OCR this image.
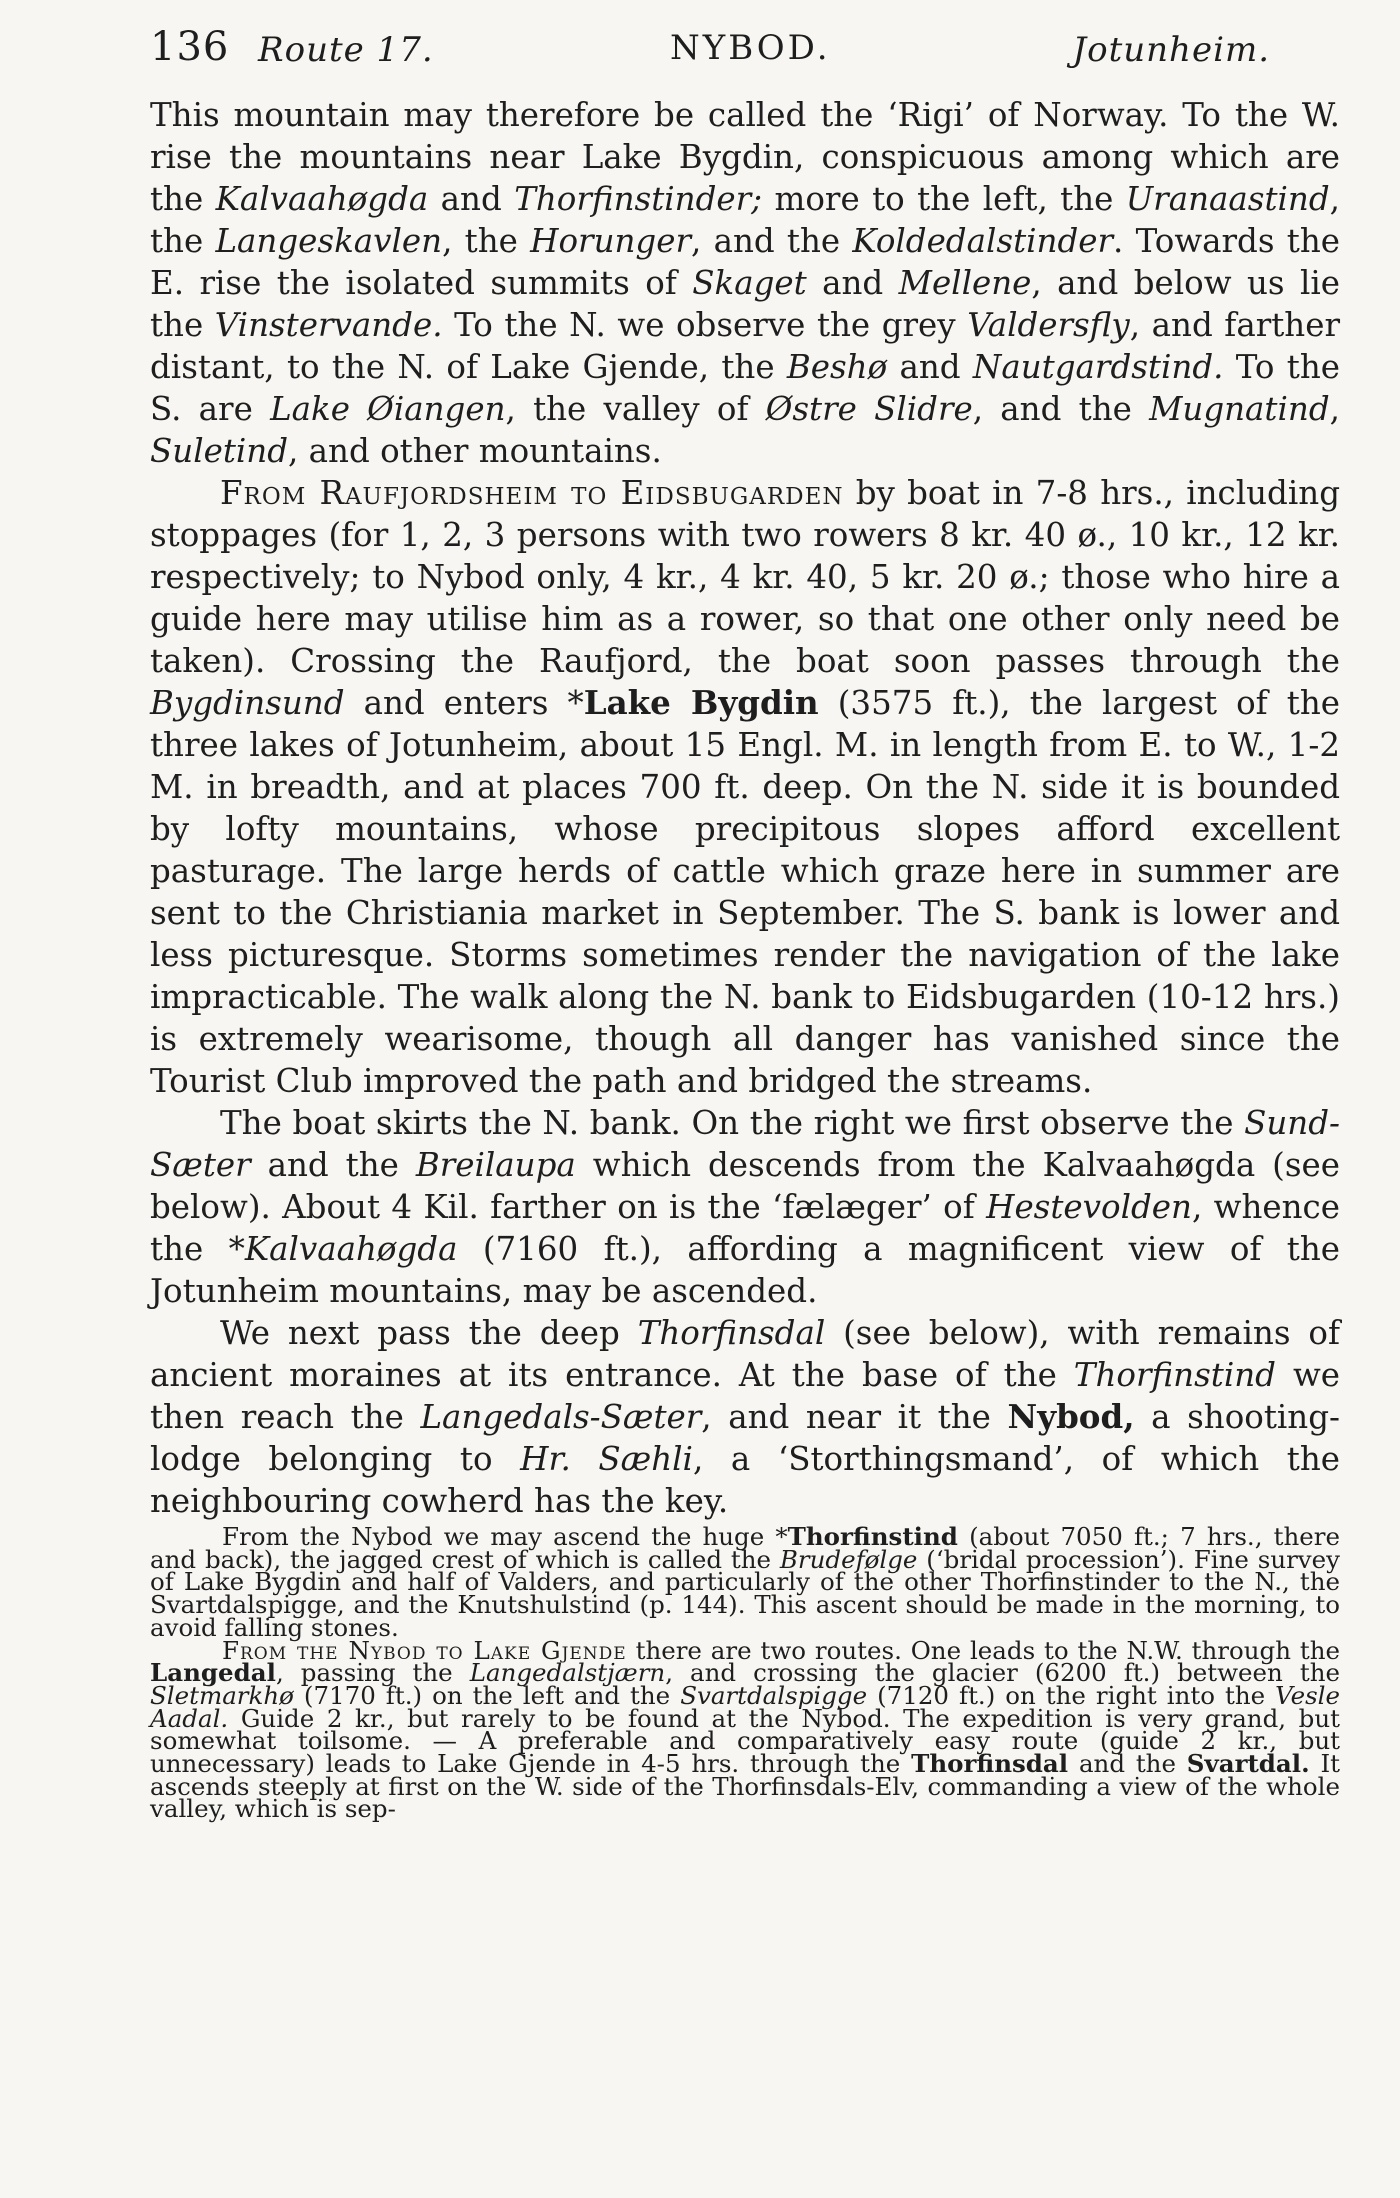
136 Route 17.	NYBOD.	Jotunheim.

This mountain may therefore be called the ‘Rigi’ of Norway. To the W. rise the mountains near Lake Bygdin, conspicuous among which are the Kalvaahøgda and Thorfinstinder; more to the left, the Uranaastind, the Langeskavlen, the Horunger, and the Koldedalstinder. Towards the E. rise the isolated summits of Skaget and Mellene, and below us lie the Vinstervande. To the N. we observe the grey Valdersfly, and farther distant, to the N. of Lake Gjende, the Beshø and Nautgardstind. To the S. are Lake Øiangen, the valley of Østre Slidre, and the Mugnatind, Suletind, and other mountains.

From Raufjordsheim to Eidsbugarden by boat in 7-8 hrs., including stoppages (for 1, 2, 3 persons with two rowers 8 kr. 40 ø., 10 kr., 12 kr. respectively; to Nybod only, 4 kr., 4 kr. 40, 5 kr. 20 ø.; those who hire a guide here may utilise him as a rower, so that one other only need be taken). Crossing the Raufjord, the boat soon passes through the Bygdinsund and enters *Lake Bygdin (3575 ft.), the largest of the three lakes of Jotunheim, about 15 Engl. M. in length from E. to W., 1-2 M. in breadth, and at places 700 ft. deep. On the N. side it is bounded by lofty mountains, whose precipitous slopes afford excellent pasturage. The large herds of cattle which graze here in summer are sent to the Christiania market in September. The S. bank is lower and less picturesque. Storms sometimes render the navigation of the lake impracticable. The walk along the N. bank to Eidsbugarden (10-12 hrs.) is extremely wearisome, though all danger has vanished since the Tourist Club improved the path and bridged the streams.

The boat skirts the N. bank. On the right we first observe the Sund-Sæter and the Breilaupa which descends from the Kalvaahøgda (see below). About 4 Kil. farther on is the ‘fælæger’ of Hestevolden, whence the *Kalvaahøgda (7160 ft.), affording a magnificent view of the Jotunheim mountains, may be ascended.

We next pass the deep Thorfinsdal (see below), with remains of ancient moraines at its entrance. At the base of the Thorfinstind we then reach the Langedals-Sæter, and near it the Nybod, a shooting-lodge belonging to Hr. Sæhli, a ‘Storthingsmand’, of which the neighbouring cowherd has the key.

From the Nybod we may ascend the huge *Thorfinstind (about 7050 ft.; 7 hrs., there and back), the jagged crest of which is called the Brudefølge (‘bridal procession’). Fine survey of Lake Bygdin and half of Valders, and particularly of the other Thorfinstinder to the N., the Svartdalspigge, and the Knutshulstind (p. 144). This ascent should be made in the morning, to avoid falling stones.

From the Nybod to Lake Gjende there are two routes. One leads to the N.W. through the Langedal, passing the Langedalstjærn, and crossing the glacier (6200 ft.) between the Sletmarkhø (7170 ft.) on the left and the Svartdalspigge (7120 ft.) on the right into the Vesle Aadal. Guide 2 kr., but rarely to be found at the Nybod. The expedition is very grand, but somewhat toilsome. — A preferable and comparatively easy route (guide 2 kr., but unnecessary) leads to Lake Gjende in 4-5 hrs. through the Thorfinsdal and the Svartdal. It ascends steeply at first on the W. side of the Thorfinsdals-Elv, commanding a view of the whole valley, which is sep-
